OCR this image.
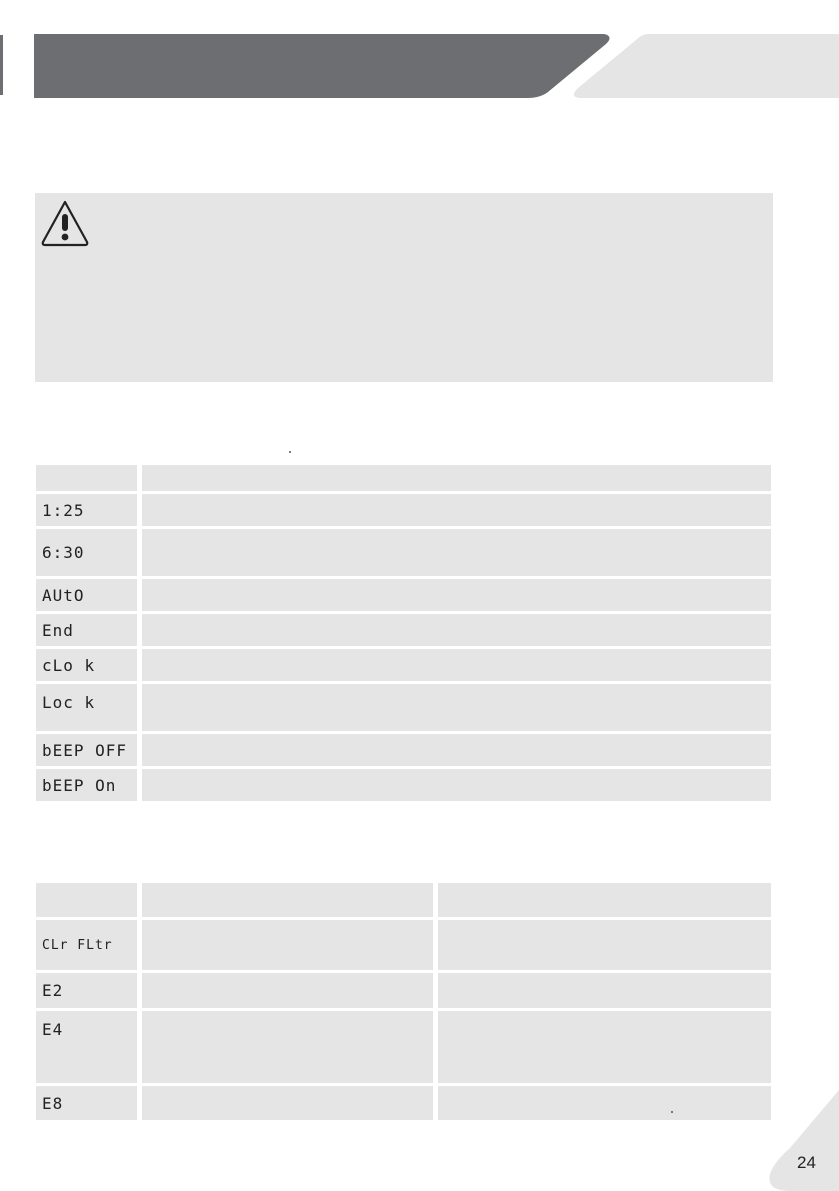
1:25		
6:30		
AUtO		
End		
cLo k		
Loc k		
bEEP OFF		
bEEP On		

CLr FLtr				
E2				
E4				
E8				
24
